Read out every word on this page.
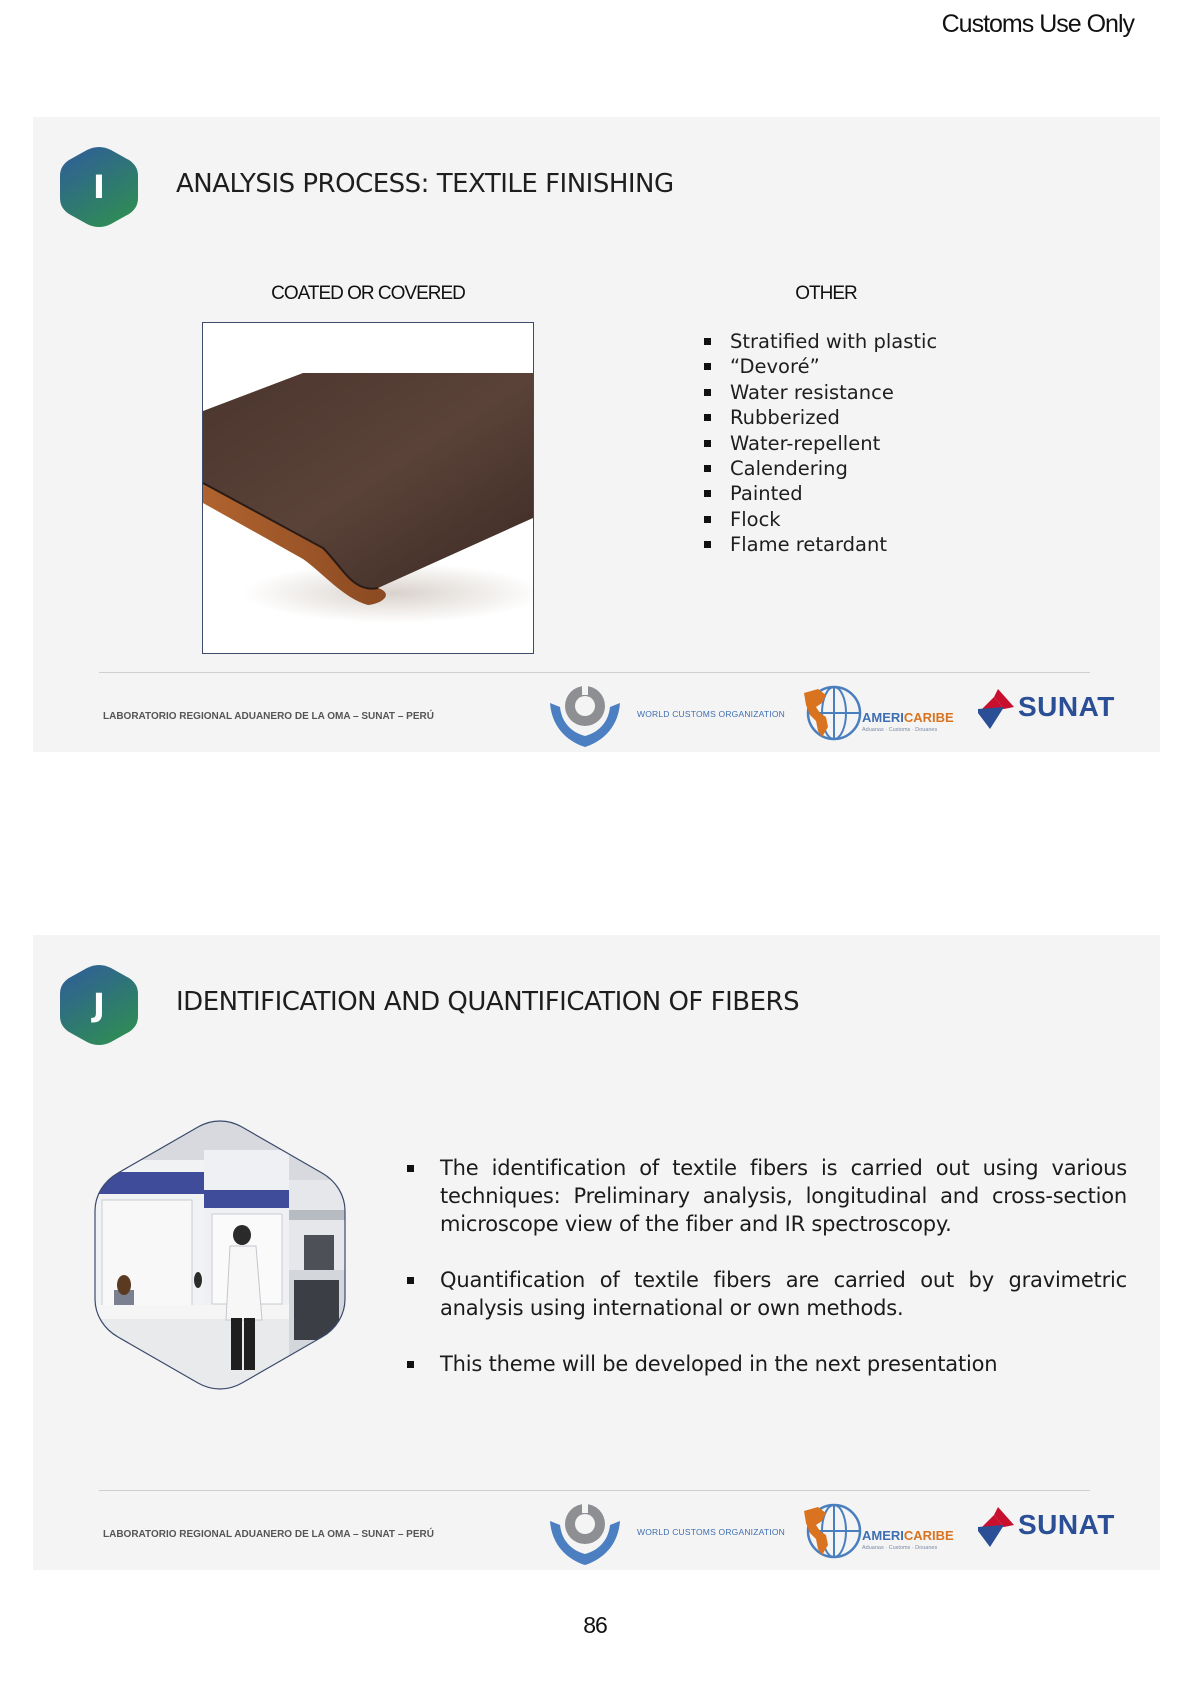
Customs Use Only
I	ANALYSIS PROCESS: TEXTILE FINISHING
COATED OR COVERED	OTHER
Stratified with plastic
“Devoré”
Water resistance
Rubberized
Water-repellent
Calendering
Painted
Flock
Flame retardant
LABORATORIO REGIONAL ADUANERO DE LA OMA – SUNAT – PERÚ	WORLD CUSTOMS ORGANIZATION	AMERICARIBE
Aduanas · Customs · Douanes
SUNAT
J	IDENTIFICATION AND QUANTIFICATION OF FIBERS
The identification of textile fibers is carried out using various techniques: Preliminary analysis, longitudinal and cross-section microscope view of the fiber and IR spectroscopy.
Quantification of textile fibers are carried out by gravimetric analysis using international or own methods.
This theme will be developed in the next presentation
LABORATORIO REGIONAL ADUANERO DE LA OMA – SUNAT – PERÚ	WORLD CUSTOMS ORGANIZATION	AMERICARIBE
Aduanas · Customs · Douanes
SUNAT
86
